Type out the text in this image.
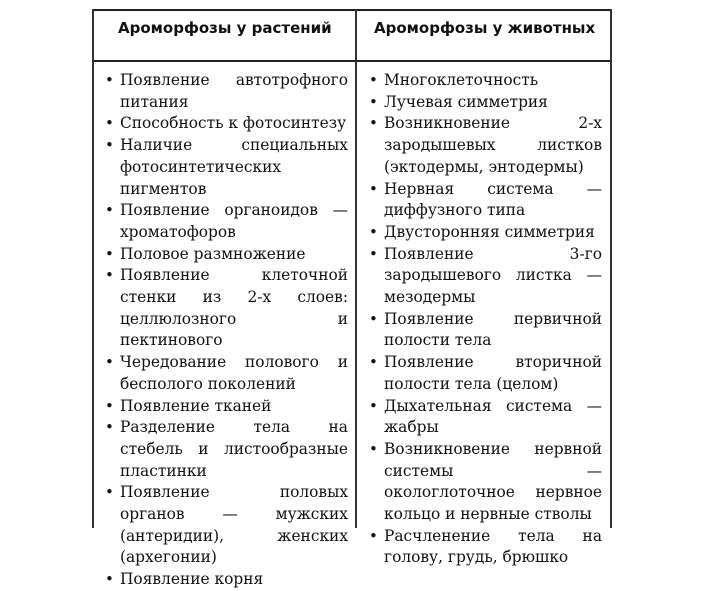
Ароморфозы у растений	Ароморфозы у животных
• Появление автотрофного питания
• Способность к фотосинтезу
• Наличие специальных фотосинтетических пигментов
• Появление органоидов — хроматофоров
• Половое размножение
• Появление клеточной стенки из 2-х слоев: целлюлозного и пектинового
• Чередование полового и бесполого поколений
• Появление тканей
• Разделение тела на стебель и листообразные пластинки
• Появление половых органов — мужских (антеридии), женских (архегонии)
• Появление корня
• Многоклеточность
• Лучевая симметрия
• Возникновение 2-х зародышевых листков (эктодермы, энтодермы)
• Нервная система — диффузного типа
• Двусторонняя симметрия
• Появление 3-го зародышевого листка — мезодермы
• Появление первичной полости тела
• Появление вторичной полости тела (целом)
• Дыхательная система — жабры
• Возникновение нервной системы — окологлоточное нервное кольцо и нервные стволы
• Расчленение тела на голову, грудь, брюшко
